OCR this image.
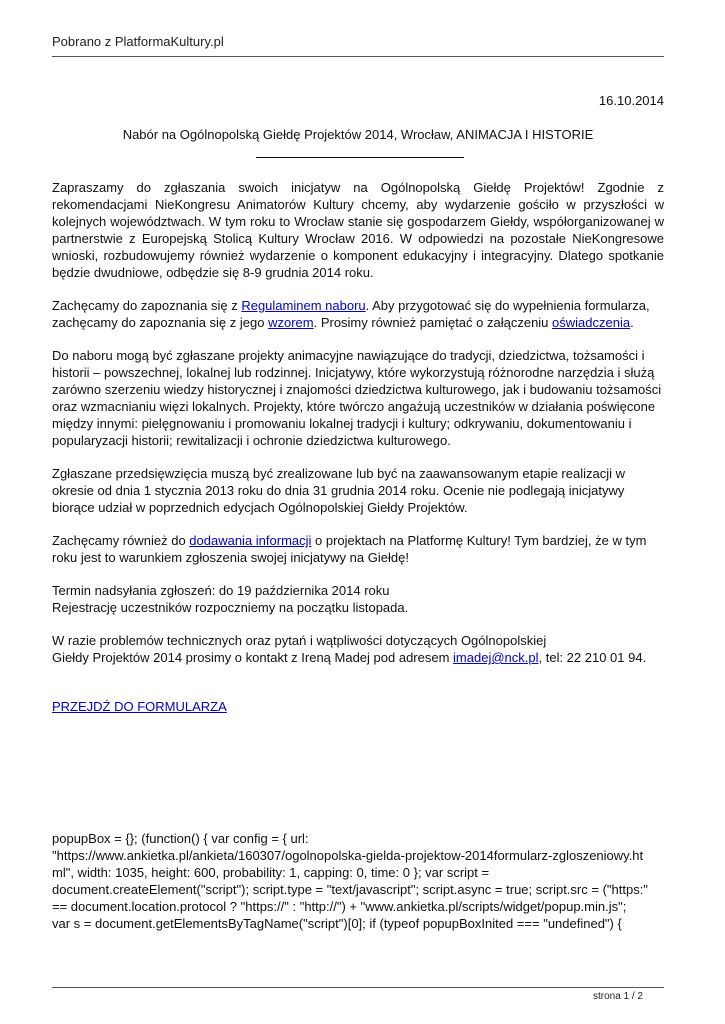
Pobrano z PlatformaKultury.pl
16.10.2014
Nabór na Ogólnopolską Giełdę Projektów 2014, Wrocław, ANIMACJA I HISTORIE

Zapraszamy do zgłaszania swoich inicjatyw na Ogólnopolską Giełdę Projektów! Zgodnie z rekomendacjami NieKongresu Animatorów Kultury chcemy, aby wydarzenie gościło w przyszłości w kolejnych województwach. W tym roku to Wrocław stanie się gospodarzem Giełdy, współorganizowanej w partnerstwie z Europejską Stolicą Kultury Wrocław 2016. W odpowiedzi na pozostałe NieKongresowe wnioski, rozbudowujemy również wydarzenie o komponent edukacyjny i integracyjny. Dlatego spotkanie będzie dwudniowe, odbędzie się 8-9 grudnia 2014 roku.

Zachęcamy do zapoznania się z Regulaminem naboru. Aby przygotować się do wypełnienia formularza, zachęcamy do zapoznania się z jego wzorem. Prosimy również pamiętać o załączeniu oświadczenia.

Do naboru mogą być zgłaszane projekty animacyjne nawiązujące do tradycji, dziedzictwa, tożsamości i historii – powszechnej, lokalnej lub rodzinnej. Inicjatywy, które wykorzystują różnorodne narzędzia i służą zarówno szerzeniu wiedzy historycznej i znajomości dziedzictwa kulturowego, jak i budowaniu tożsamości oraz wzmacnianiu więzi lokalnych. Projekty, które twórczo angażują uczestników w działania poświęcone między innymi: pielęgnowaniu i promowaniu lokalnej tradycji i kultury; odkrywaniu, dokumentowaniu i popularyzacji historii; rewitalizacji i ochronie dziedzictwa kulturowego.

Zgłaszane przedsięwzięcia muszą być zrealizowane lub być na zaawansowanym etapie realizacji w okresie od dnia 1 stycznia 2013 roku do dnia 31 grudnia 2014 roku. Ocenie nie podlegają inicjatywy biorące udział w poprzednich edycjach Ogólnopolskiej Giełdy Projektów.

Zachęcamy również do dodawania informacji o projektach na Platformę Kultury! Tym bardziej, że w tym roku jest to warunkiem zgłoszenia swojej inicjatywy na Giełdę!

Termin nadsyłania zgłoszeń: do 19 października 2014 roku
Rejestrację uczestników rozpoczniemy na początku listopada.

W razie problemów technicznych oraz pytań i wątpliwości dotyczących Ogólnopolskiej
Giełdy Projektów 2014 prosimy o kontakt z Ireną Madej pod adresem imadej@nck.pl, tel: 22 210 01 94.

PRZEJDŹ DO FORMULARZA

popupBox = {}; (function() { var config = { url:
"https://www.ankietka.pl/ankieta/160307/ogolnopolska-gielda-projektow-2014formularz-zgloszeniowy.ht
ml", width: 1035, height: 600, probability: 1, capping: 0, time: 0 }; var script =
document.createElement("script"); script.type = "text/javascript"; script.async = true; script.src = ("https:"
== document.location.protocol ? "https://" : "http://") + "www.ankietka.pl/scripts/widget/popup.min.js";
var s = document.getElementsByTagName("script")[0]; if (typeof popupBoxInited === "undefined") {
strona 1 / 2
